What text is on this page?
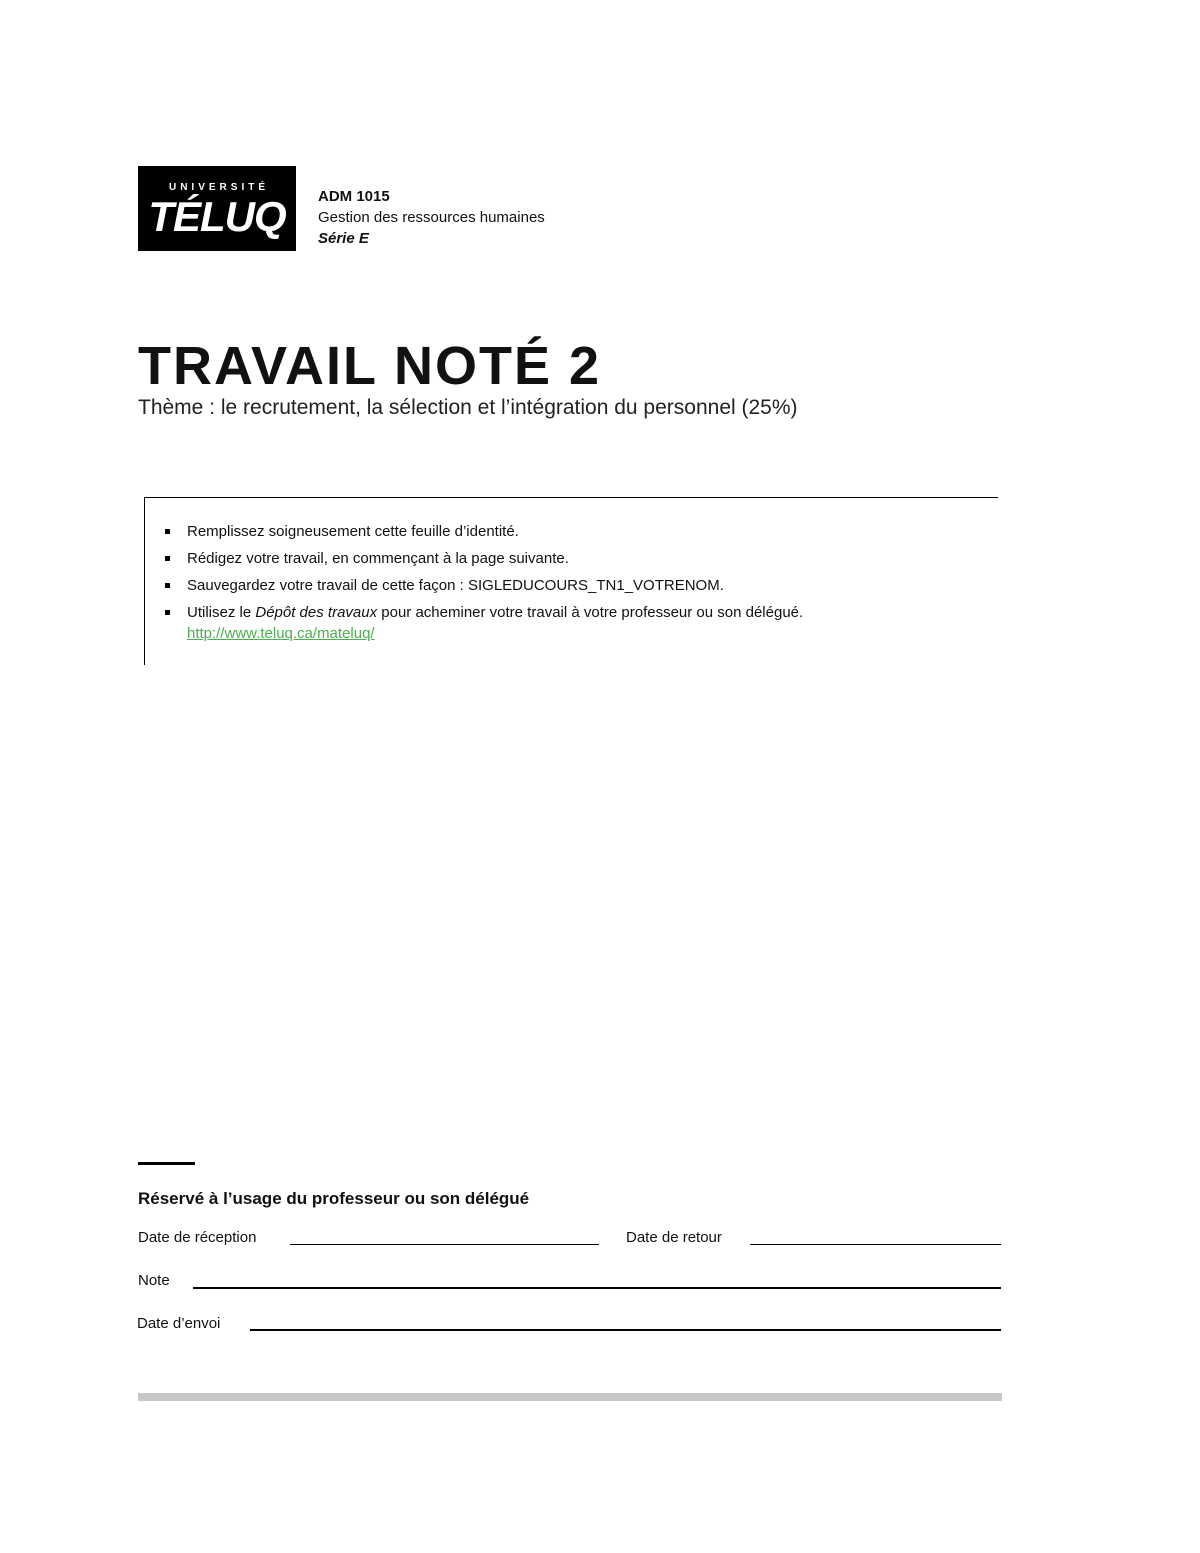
UNIVERSITÉ
TÉLUQ	ADM 1015
Gestion des ressources humaines
Série E
TRAVAIL NOTÉ 2
Thème : le recrutement, la sélection et l’intégration du personnel (25%)
Remplissez soigneusement cette feuille d’identité.
Rédigez votre travail, en commençant à la page suivante.
Sauvegardez votre travail de cette façon : SIGLEDUCOURS_TN1_VOTRENOM.
Utilisez le Dépôt des travaux pour acheminer votre travail à votre professeur ou son délégué.
http://www.teluq.ca/mateluq/
Réservé à l’usage du professeur ou son délégué
Date de réception	Date de retour
Note
Date d’envoi
